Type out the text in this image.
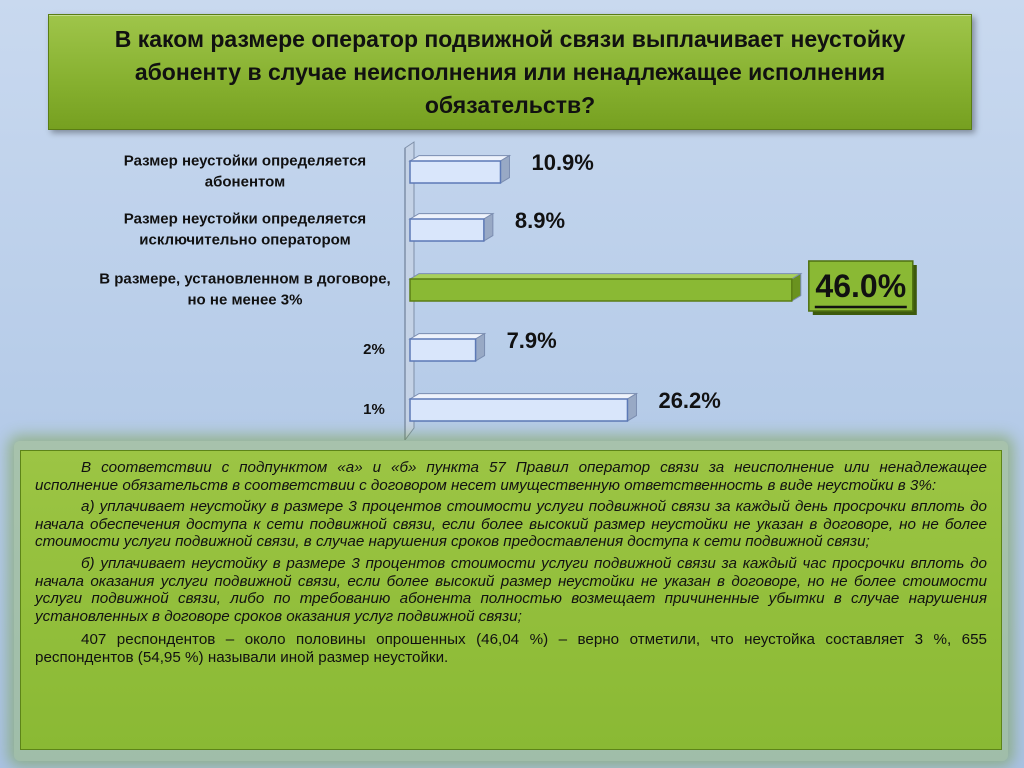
В каком размере оператор подвижной связи выплачивает неустойку абоненту в случае неисполнения или ненадлежащее исполнения обязательств?
10.9%
Размер неустойки определяется абонентом
8.9%
Размер неустойки определяется исключительно оператором
46.0%
В размере, установленном в договоре, но не менее 3%
7.9%
2%
26.2%
1%

В соответствии с подпунктом «а» и «б» пункта 57 Правил оператор связи за неисполнение или ненадлежащее исполнение обязательств в соответствии с договором несет имущественную ответственность в виде неустойки в 3%:

а) уплачивает неустойку в размере 3 процентов стоимости услуги подвижной связи за каждый день просрочки вплоть до начала обеспечения доступа к сети подвижной связи, если более высокий размер неустойки не указан в договоре, но не более стоимости услуги подвижной связи, в случае нарушения сроков предоставления доступа к сети подвижной связи;

б) уплачивает неустойку в размере 3 процентов стоимости услуги подвижной связи за каждый час просрочки вплоть до начала оказания услуги подвижной связи, если более высокий размер неустойки не указан в договоре, но не более стоимости услуги подвижной связи, либо по требованию абонента полностью возмещает причиненные убытки в случае нарушения установленных в договоре сроков оказания услуг подвижной связи;

407 респондентов – около половины опрошенных (46,04 %) – верно отметили, что неустойка составляет 3 %, 655 респондентов (54,95 %) называли иной размер неустойки.
